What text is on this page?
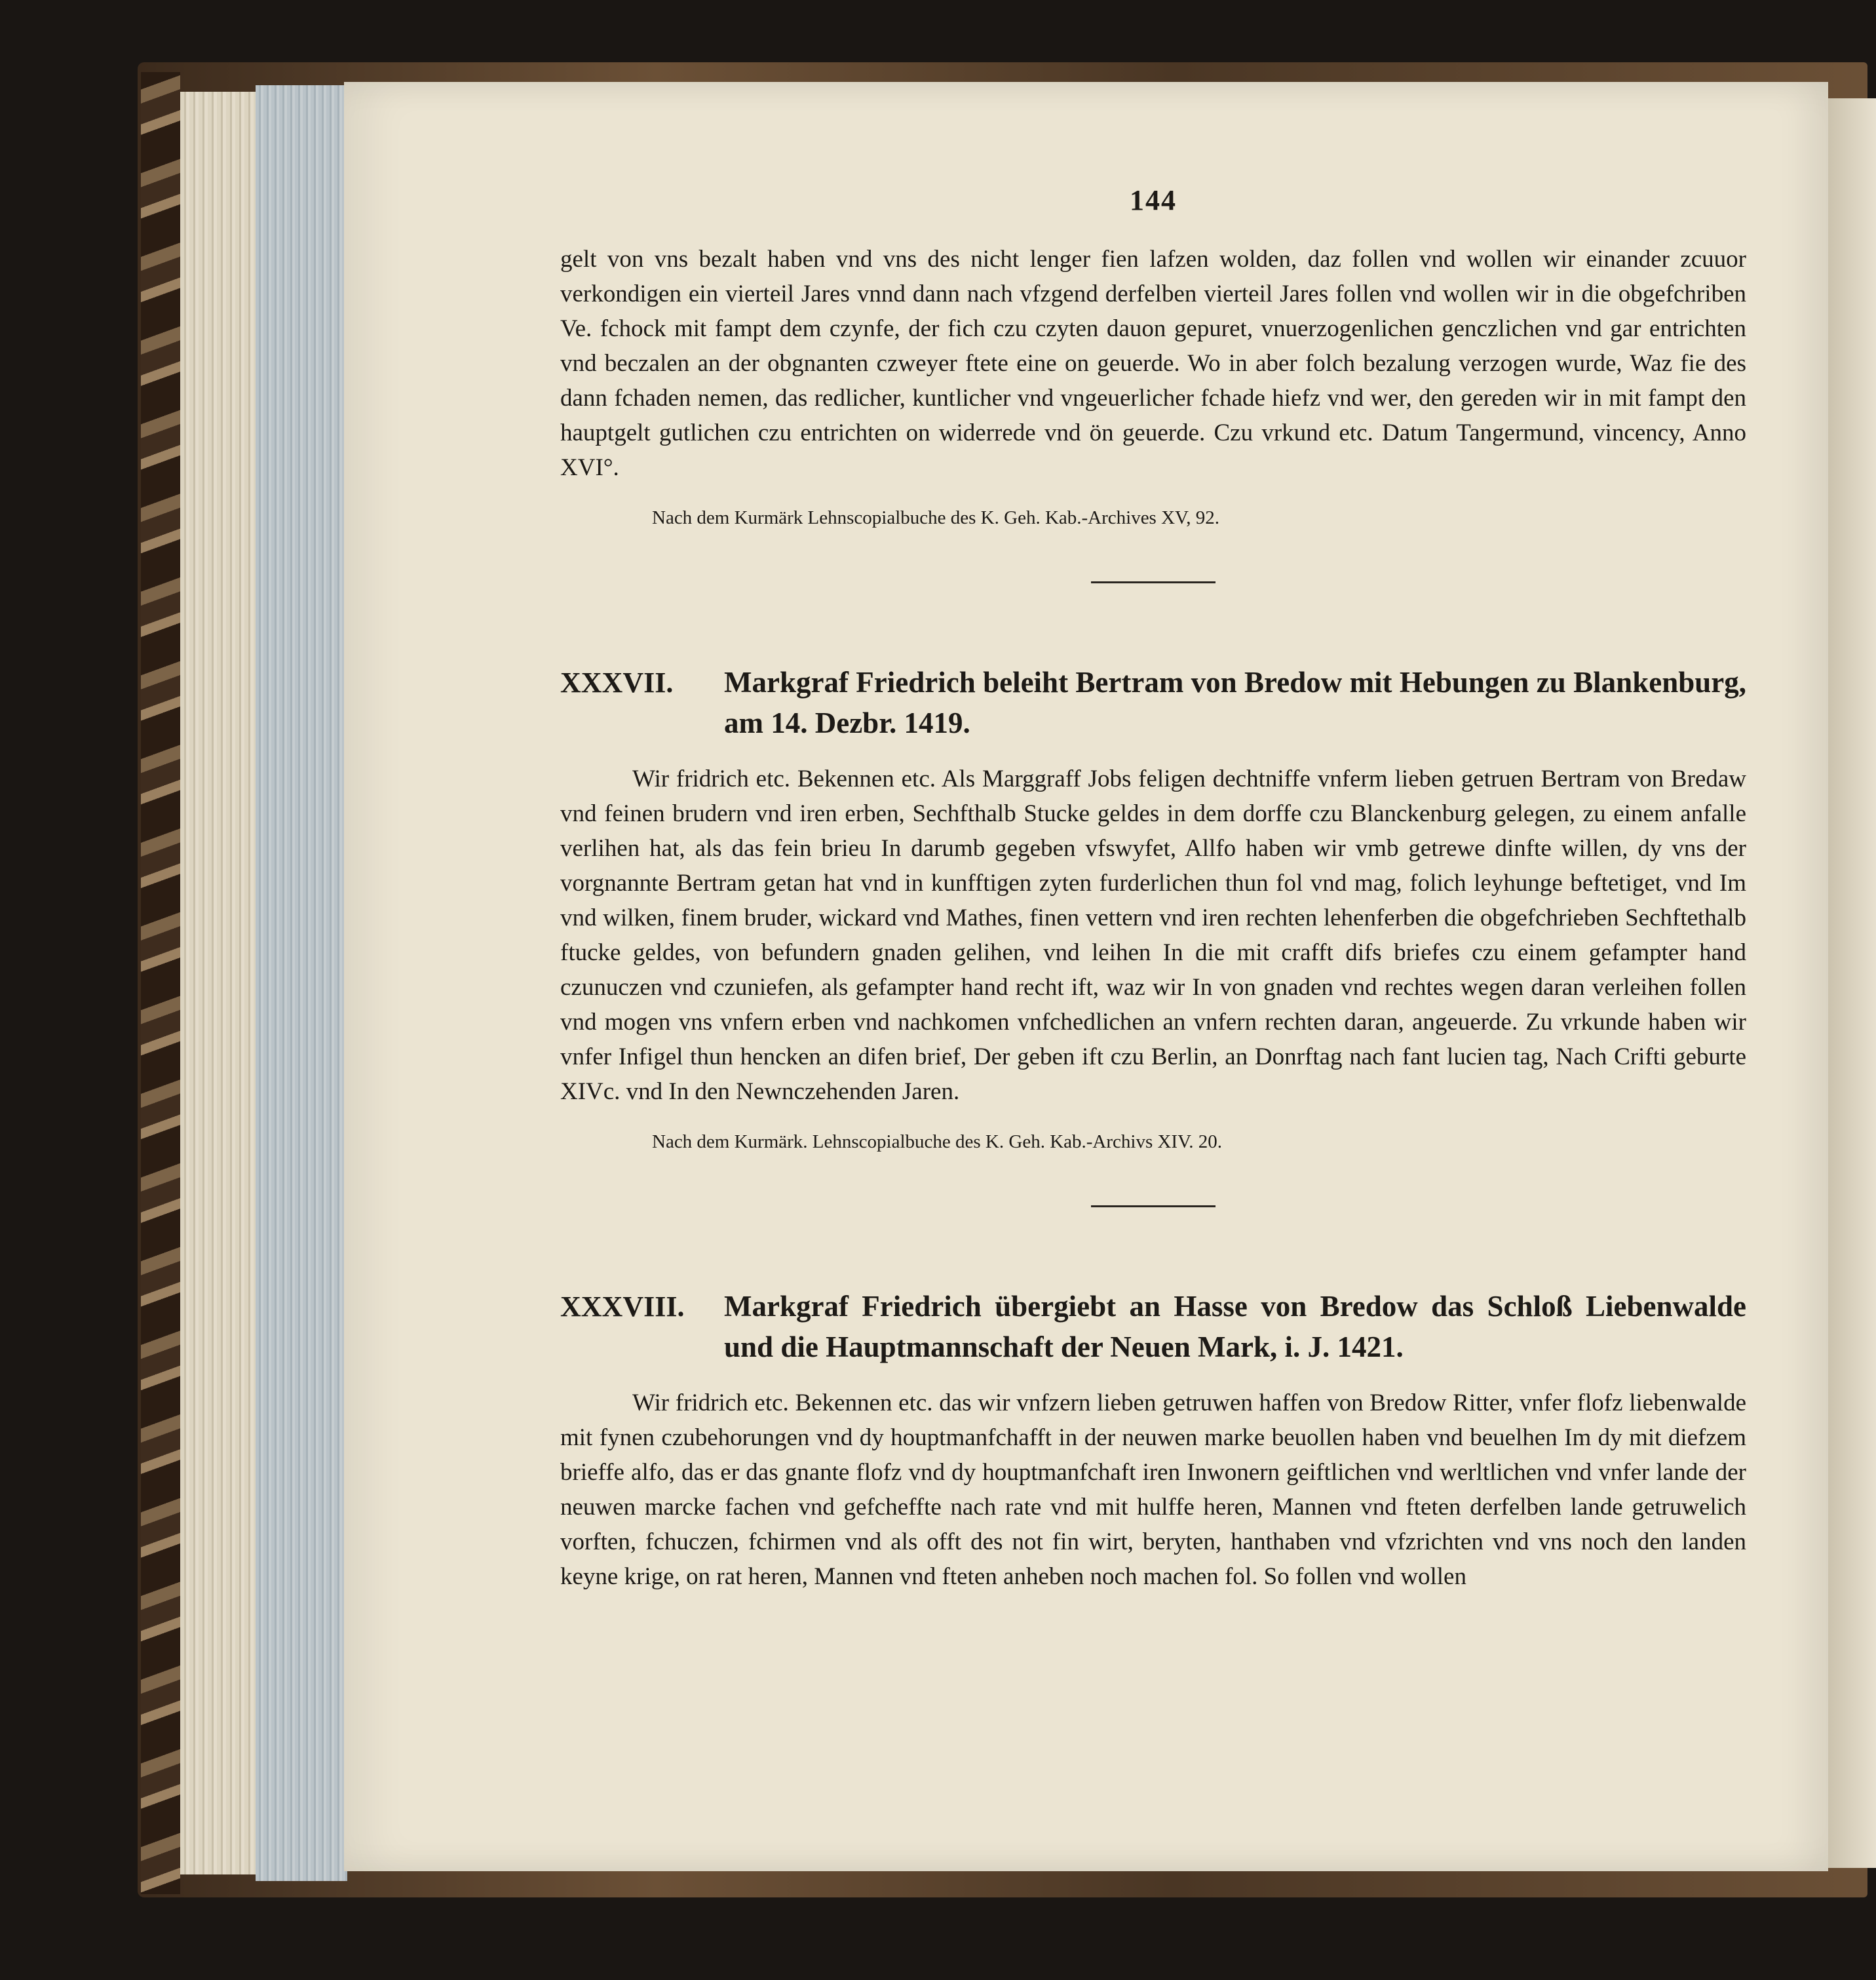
144

gelt von vns bezalt haben vnd vns des nicht lenger fien lafzen wolden, daz follen vnd wollen wir einander zcuuor verkondigen ein vierteil Jares vnnd dann nach vfzgend derfelben vierteil Jares follen vnd wollen wir in die obgefchriben Ve. fchock mit fampt dem czynfe, der fich czu czyten dauon gepuret, vnuerzogenlichen genczlichen vnd gar entrichten vnd beczalen an der obgnanten czweyer ftete eine on geuerde. Wo in aber folch bezalung verzogen wurde, Waz fie des dann fchaden nemen, das redlicher, kuntlicher vnd vngeuerlicher fchade hiefz vnd wer, den gereden wir in mit fampt den hauptgelt gutlichen czu entrichten on widerrede vnd ön geuerde. Czu vrkund etc. Datum Tangermund, vincency, Anno XVI°.

Nach dem Kurmärk Lehnscopialbuche des K. Geh. Kab.-Archives XV, 92.

XXXVII.	Markgraf Friedrich beleiht Bertram von Bredow mit Hebungen zu Blankenburg, am 14. Dezbr. 1419.

Wir fridrich etc. Bekennen etc. Als Marggraff Jobs feligen dechtniffe vnferm lieben getruen Bertram von Bredaw vnd feinen brudern vnd iren erben, Sechfthalb Stucke geldes in dem dorffe czu Blanckenburg gelegen, zu einem anfalle verlihen hat, als das fein brieu In darumb gegeben vfswyfet, Allfo haben wir vmb getrewe dinfte willen, dy vns der vorgnannte Bertram getan hat vnd in kunfftigen zyten furderlichen thun fol vnd mag, folich leyhunge beftetiget, vnd Im vnd wilken, finem bruder, wickard vnd Mathes, finen vettern vnd iren rechten lehenferben die obgefchrieben Sechftethalb ftucke geldes, von befundern gnaden gelihen, vnd leihen In die mit crafft difs briefes czu einem gefampter hand czunuczen vnd czuniefen, als gefampter hand recht ift, waz wir In von gnaden vnd rechtes wegen daran verleihen follen vnd mogen vns vnfern erben vnd nachkomen vnfchedlichen an vnfern rechten daran, angeuerde. Zu vrkunde haben wir vnfer Infigel thun hencken an difen brief, Der geben ift czu Berlin, an Donrftag nach fant lucien tag, Nach Crifti geburte XIVc. vnd In den Newnczehenden Jaren.

Nach dem Kurmärk. Lehnscopialbuche des K. Geh. Kab.-Archivs XIV. 20.

XXXVIII.	Markgraf Friedrich übergiebt an Hasse von Bredow das Schloß Liebenwalde und die Hauptmannschaft der Neuen Mark, i. J. 1421.

Wir fridrich etc. Bekennen etc. das wir vnfzern lieben getruwen haffen von Bredow Ritter, vnfer flofz liebenwalde mit fynen czubehorungen vnd dy houptmanfchafft in der neuwen marke beuollen haben vnd beuelhen Im dy mit diefzem brieffe alfo, das er das gnante flofz vnd dy houptmanfchaft iren Inwonern geiftlichen vnd werltlichen vnd vnfer lande der neuwen marcke fachen vnd gefcheffte nach rate vnd mit hulffe heren, Mannen vnd fteten derfelben lande getruwelich vorften, fchuczen, fchirmen vnd als offt des not fin wirt, beryten, hanthaben vnd vfzrichten vnd vns noch den landen keyne krige, on rat heren, Mannen vnd fteten anheben noch machen fol. So follen vnd wollen
